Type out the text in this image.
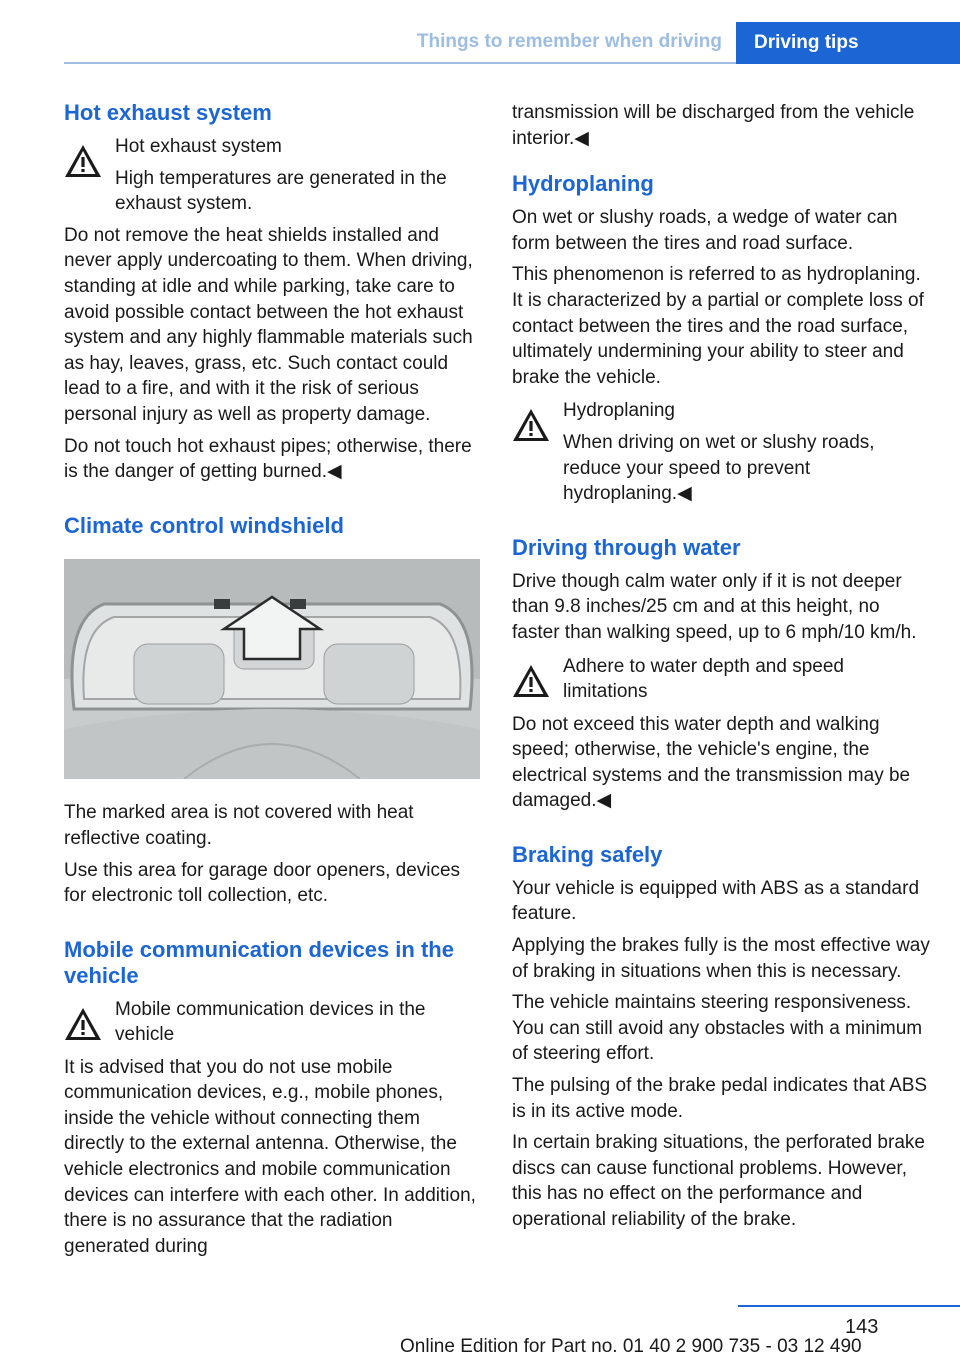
Things to remember when driving	Driving tips
Hot exhaust system
Hot exhaust system
High temperatures are generated in the exhaust system.
Do not remove the heat shields installed and never apply undercoating to them. When driving, standing at idle and while parking, take care to avoid possible contact between the hot exhaust system and any highly flammable materials such as hay, leaves, grass, etc. Such contact could lead to a fire, and with it the risk of serious personal injury as well as property damage.
Do not touch hot exhaust pipes; otherwise, there is the danger of getting burned.◀
Climate control windshield
The marked area is not covered with heat reflective coating.
Use this area for garage door openers, devices for electronic toll collection, etc.
Mobile communication devices in the vehicle
Mobile communication devices in the vehicle
It is advised that you do not use mobile communication devices, e.g., mobile phones, inside the vehicle without connecting them directly to the external antenna. Otherwise, the vehicle electronics and mobile communication devices can interfere with each other. In addition, there is no assurance that the radiation generated during
transmission will be discharged from the vehicle interior.◀
Hydroplaning
On wet or slushy roads, a wedge of water can form between the tires and road surface.
This phenomenon is referred to as hydroplaning. It is characterized by a partial or complete loss of contact between the tires and the road surface, ultimately undermining your ability to steer and brake the vehicle.
Hydroplaning
When driving on wet or slushy roads, reduce your speed to prevent hydroplaning.◀
Driving through water
Drive though calm water only if it is not deeper than 9.8 inches/25 cm and at this height, no faster than walking speed, up to 6 mph/10 km/h.
Adhere to water depth and speed limitations
Do not exceed this water depth and walking speed; otherwise, the vehicle's engine, the electrical systems and the transmission may be damaged.◀
Braking safely
Your vehicle is equipped with ABS as a standard feature.
Applying the brakes fully is the most effective way of braking in situations when this is necessary.
The vehicle maintains steering responsiveness. You can still avoid any obstacles with a minimum of steering effort.
The pulsing of the brake pedal indicates that ABS is in its active mode.
In certain braking situations, the perforated brake discs can cause functional problems. However, this has no effect on the performance and operational reliability of the brake.
143
Online Edition for Part no. 01 40 2 900 735 - 03 12 490
